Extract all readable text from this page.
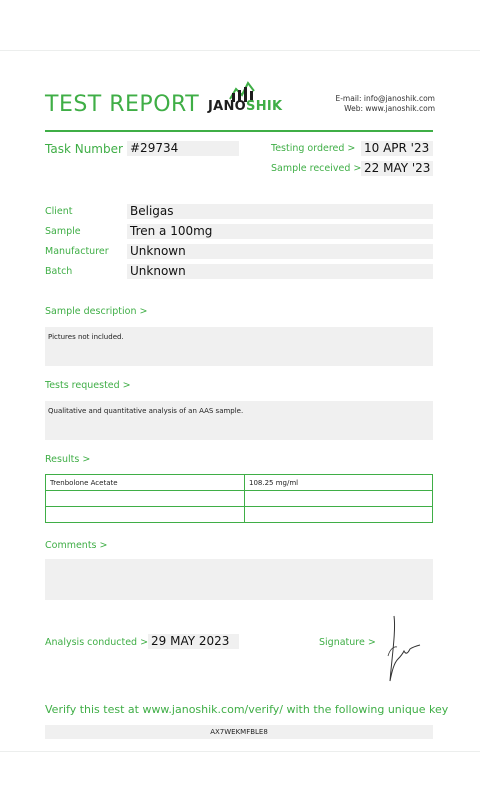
TEST REPORT JANOSHIK
E-mail: info@janoshik.com
Web: www.janoshik.com
Task Number #29734	Testing ordered > 10 APR '23
Sample received > 22 MAY '23
Client	Beligas
Sample	Tren a 100mg
Manufacturer Unknown
Batch	Unknown
Sample description >
Pictures not included.
Tests requested >
Qualitative and quantitative analysis of an AAS sample.
Results >
Trenbolone Acetate	108.25 mg/ml

Comments >
Analysis conducted > 29 MAY 2023	Signature >
Verify this test at www.janoshik.com/verify/ with the following unique key
AX7WEKMFBLE8
